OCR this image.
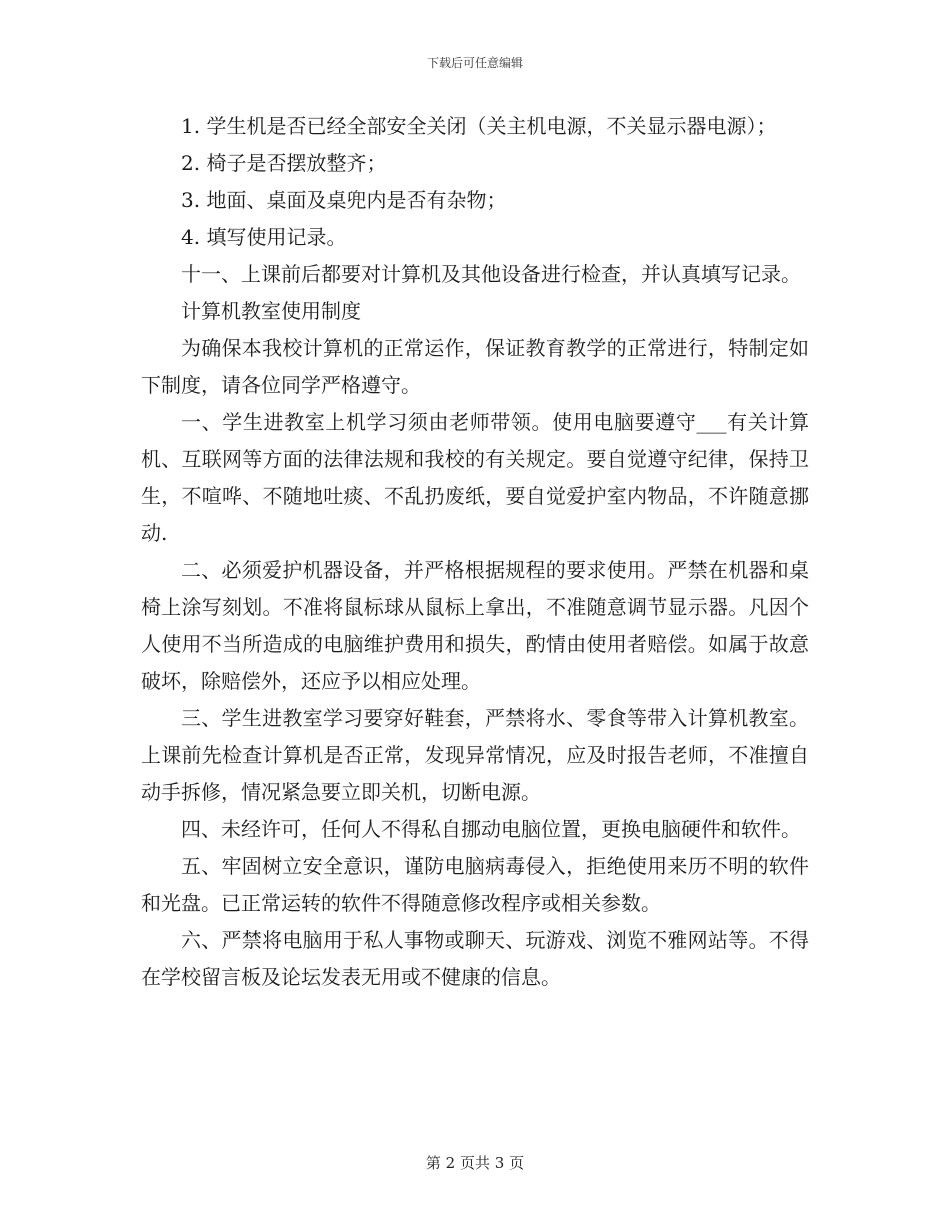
下载后可任意编辑

1. 学生机是否已经全部安全关闭（关主机电源，不关显示器电源）；

2. 椅子是否摆放整齐；

3. 地面、桌面及桌兜内是否有杂物；

4. 填写使用记录。

十一、上课前后都要对计算机及其他设备进行检查，并认真填写记录。

计算机教室使用制度

为确保本我校计算机的正常运作，保证教育教学的正常进行，特制定如下制度，请各位同学严格遵守。

一、学生进教室上机学习须由老师带领。使用电脑要遵守___有关计算机、互联网等方面的法律法规和我校的有关规定。要自觉遵守纪律，保持卫生，不喧哗、不随地吐痰、不乱扔废纸，要自觉爱护室内物品，不许随意挪动.

二、必须爱护机器设备，并严格根据规程的要求使用。严禁在机器和桌椅上涂写刻划。不准将鼠标球从鼠标上拿出，不准随意调节显示器。凡因个人使用不当所造成的电脑维护费用和损失，酌情由使用者赔偿。如属于故意破坏，除赔偿外，还应予以相应处理。

三、学生进教室学习要穿好鞋套，严禁将水、零食等带入计算机教室。上课前先检查计算机是否正常，发现异常情况，应及时报告老师，不准擅自动手拆修，情况紧急要立即关机，切断电源。

四、未经许可，任何人不得私自挪动电脑位置，更换电脑硬件和软件。

五、牢固树立安全意识，谨防电脑病毒侵入，拒绝使用来历不明的软件和光盘。已正常运转的软件不得随意修改程序或相关参数。

六、严禁将电脑用于私人事物或聊天、玩游戏、浏览不雅网站等。不得在学校留言板及论坛发表无用或不健康的信息。

第 2 页共 3 页
